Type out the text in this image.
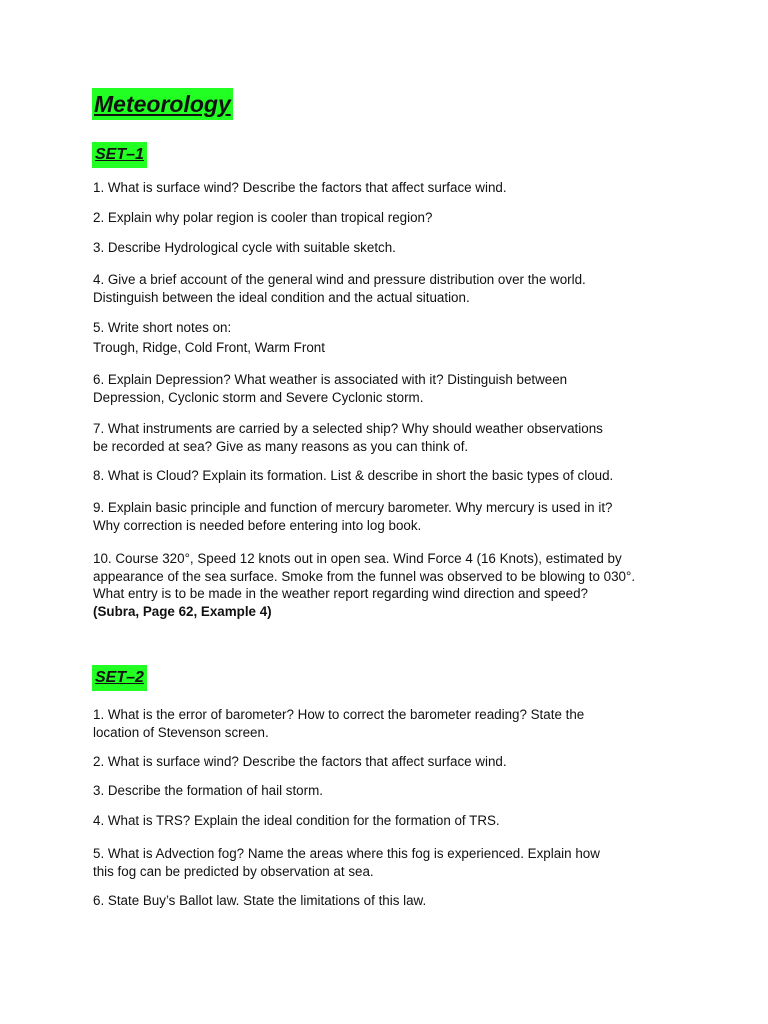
Meteorology
SET–1
1. What is surface wind? Describe the factors that affect surface wind.
2. Explain why polar region is cooler than tropical region?
3. Describe Hydrological cycle with suitable sketch.
4. Give a brief account of the general wind and pressure distribution over the world.
Distinguish between the ideal condition and the actual situation.
5. Write short notes on:
Trough, Ridge, Cold Front, Warm Front
6. Explain Depression? What weather is associated with it? Distinguish between
Depression, Cyclonic storm and Severe Cyclonic storm.
7. What instruments are carried by a selected ship? Why should weather observations
be recorded at sea? Give as many reasons as you can think of.
8. What is Cloud? Explain its formation. List & describe in short the basic types of cloud.
9. Explain basic principle and function of mercury barometer. Why mercury is used in it?
Why correction is needed before entering into log book.
10. Course 320°, Speed 12 knots out in open sea. Wind Force 4 (16 Knots), estimated by
appearance of the sea surface. Smoke from the funnel was observed to be blowing to 030°.
What entry is to be made in the weather report regarding wind direction and speed?
(Subra, Page 62, Example 4)
SET–2
1. What is the error of barometer? How to correct the barometer reading? State the
location of Stevenson screen.
2. What is surface wind? Describe the factors that affect surface wind.
3. Describe the formation of hail storm.
4. What is TRS? Explain the ideal condition for the formation of TRS.
5. What is Advection fog? Name the areas where this fog is experienced. Explain how
this fog can be predicted by observation at sea.
6. State Buy’s Ballot law. State the limitations of this law.
